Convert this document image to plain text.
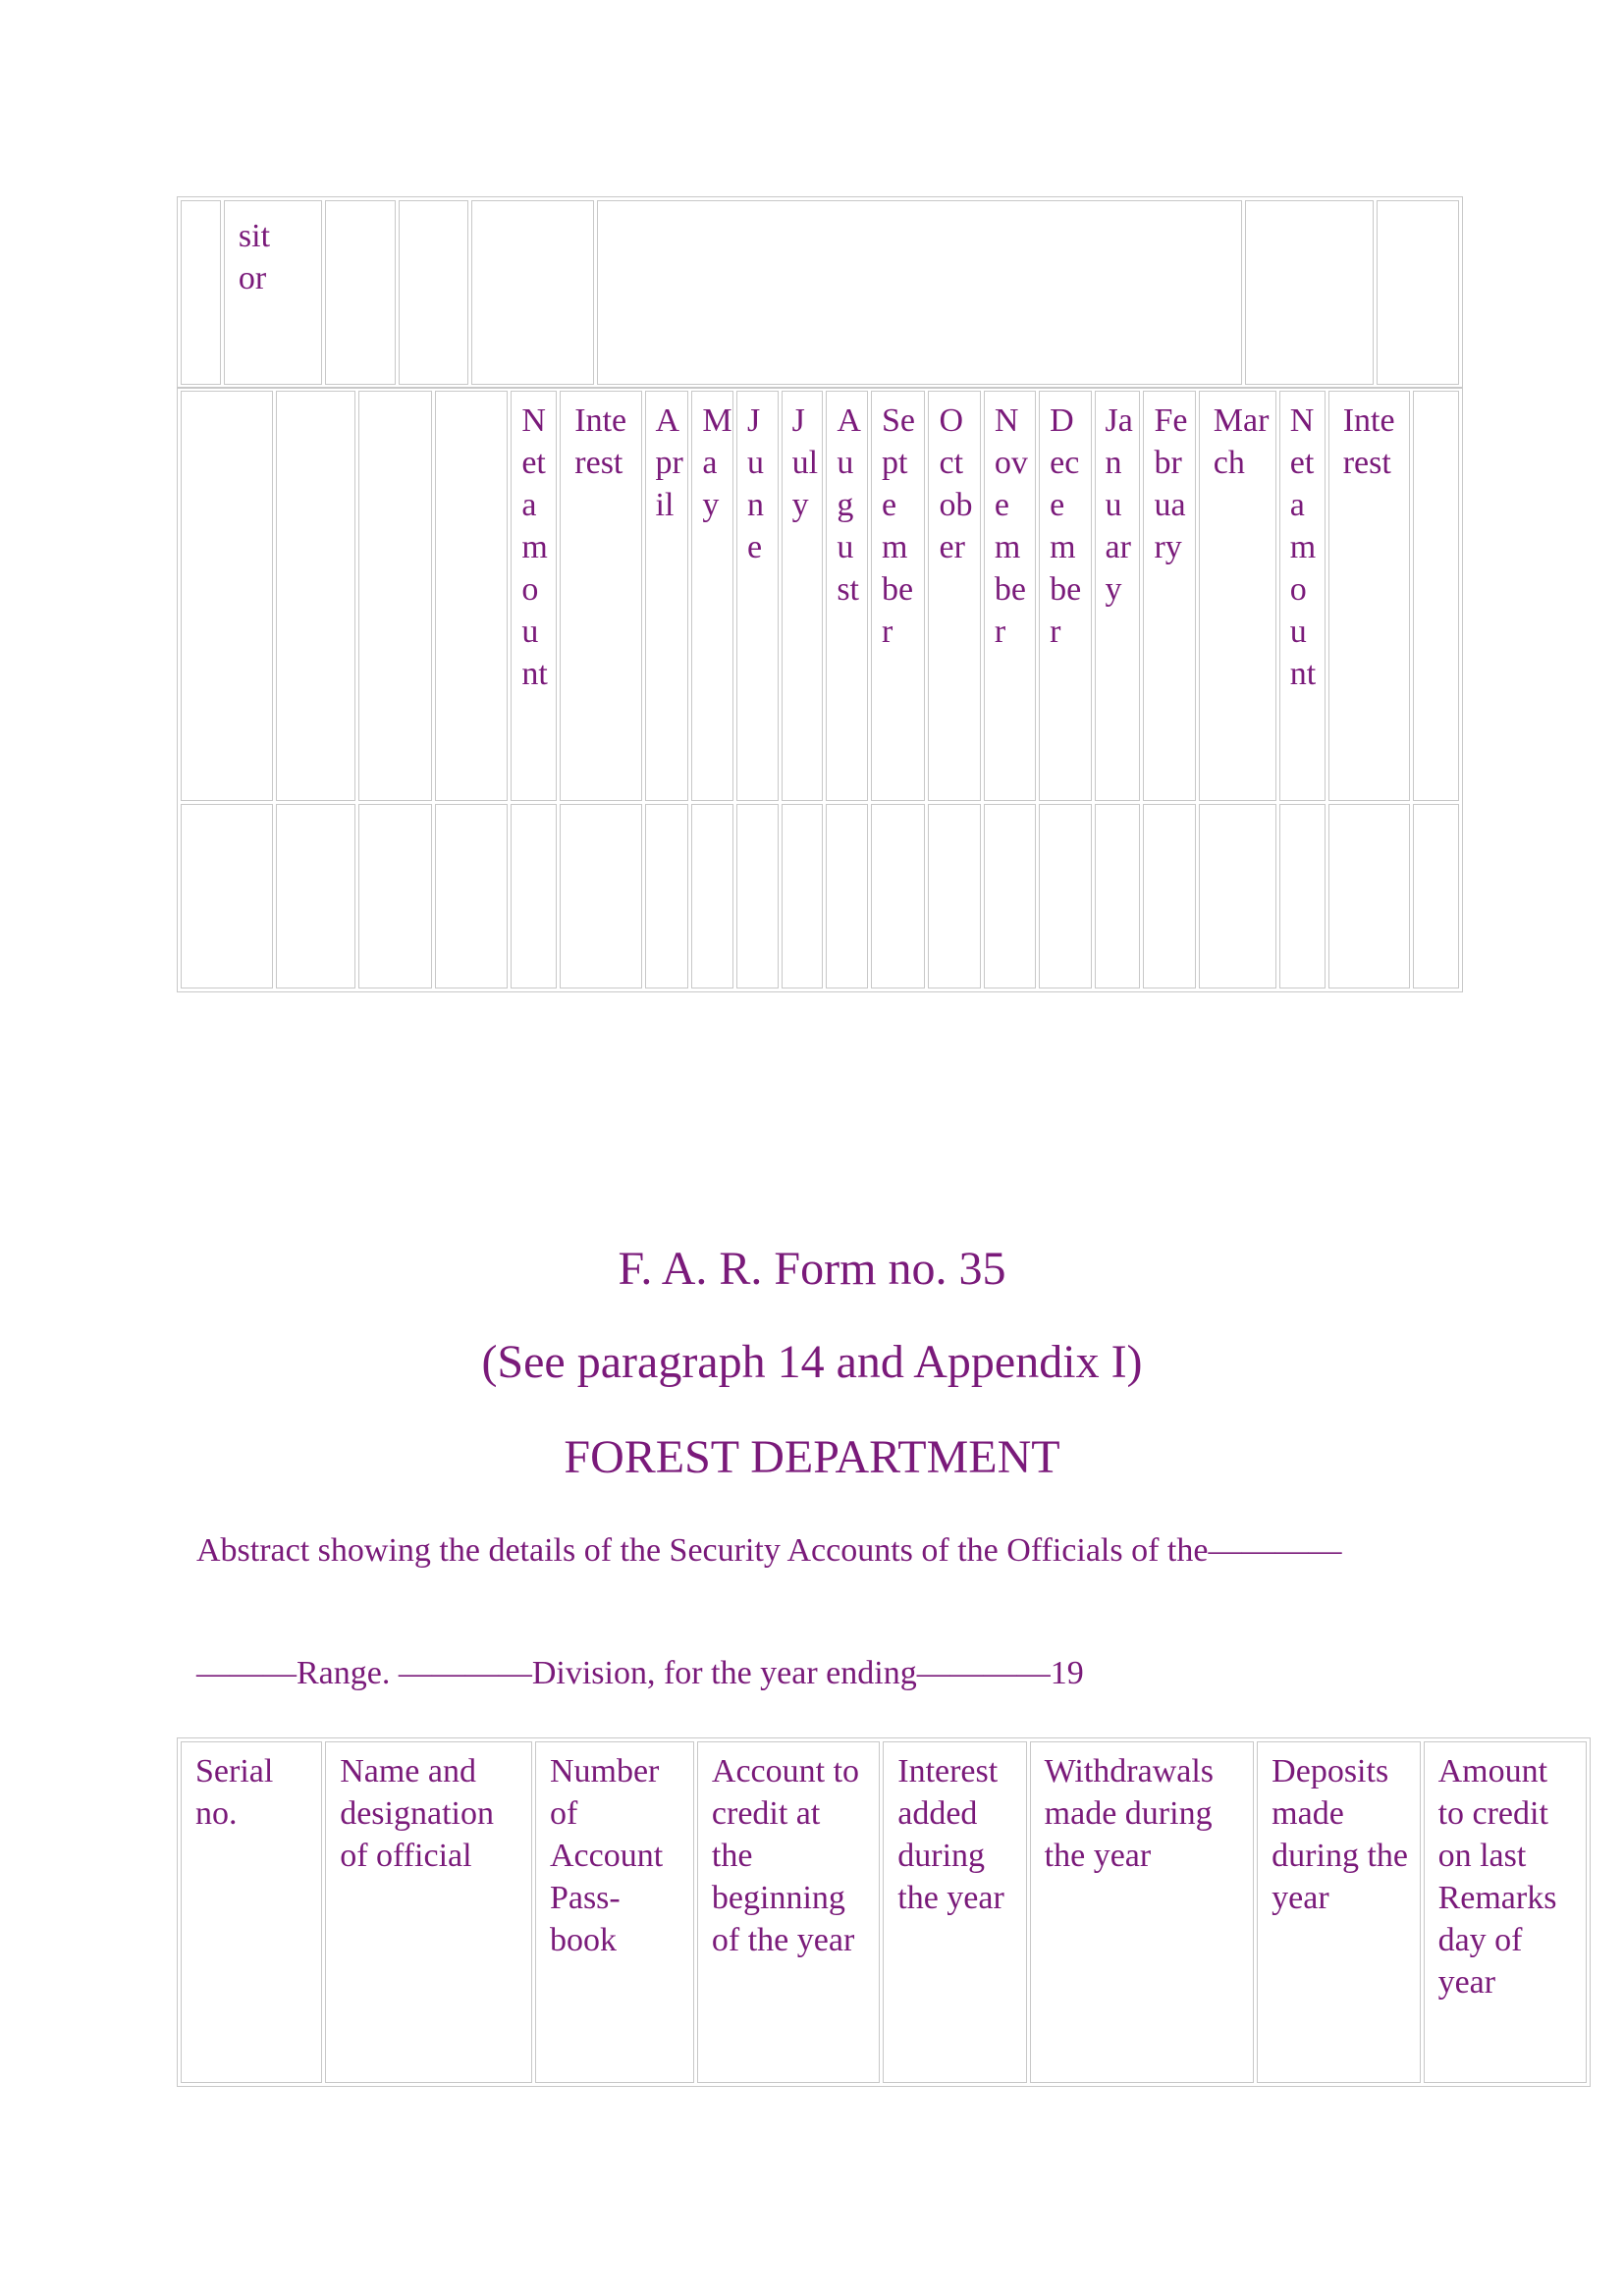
	sit
or						
				Netamount	Interest	April	May	June	July	August	September	October	November	December	January	February	March	Netamount	Interest	

F. A. R. Form no. 35
(See paragraph 14 and Appendix I)
FOREST DEPARTMENT
Abstract showing the details of the Security Accounts of the Officials of the————
———Range. ————Division, for the year ending————19
Serial no.	Name and designation of official	Number of Account Pass-book	Account to credit at the beginning of the year	Interest added during the year	Withdrawals made during the year	Deposits made during the year	Amount to credit on last Remarks day of year
